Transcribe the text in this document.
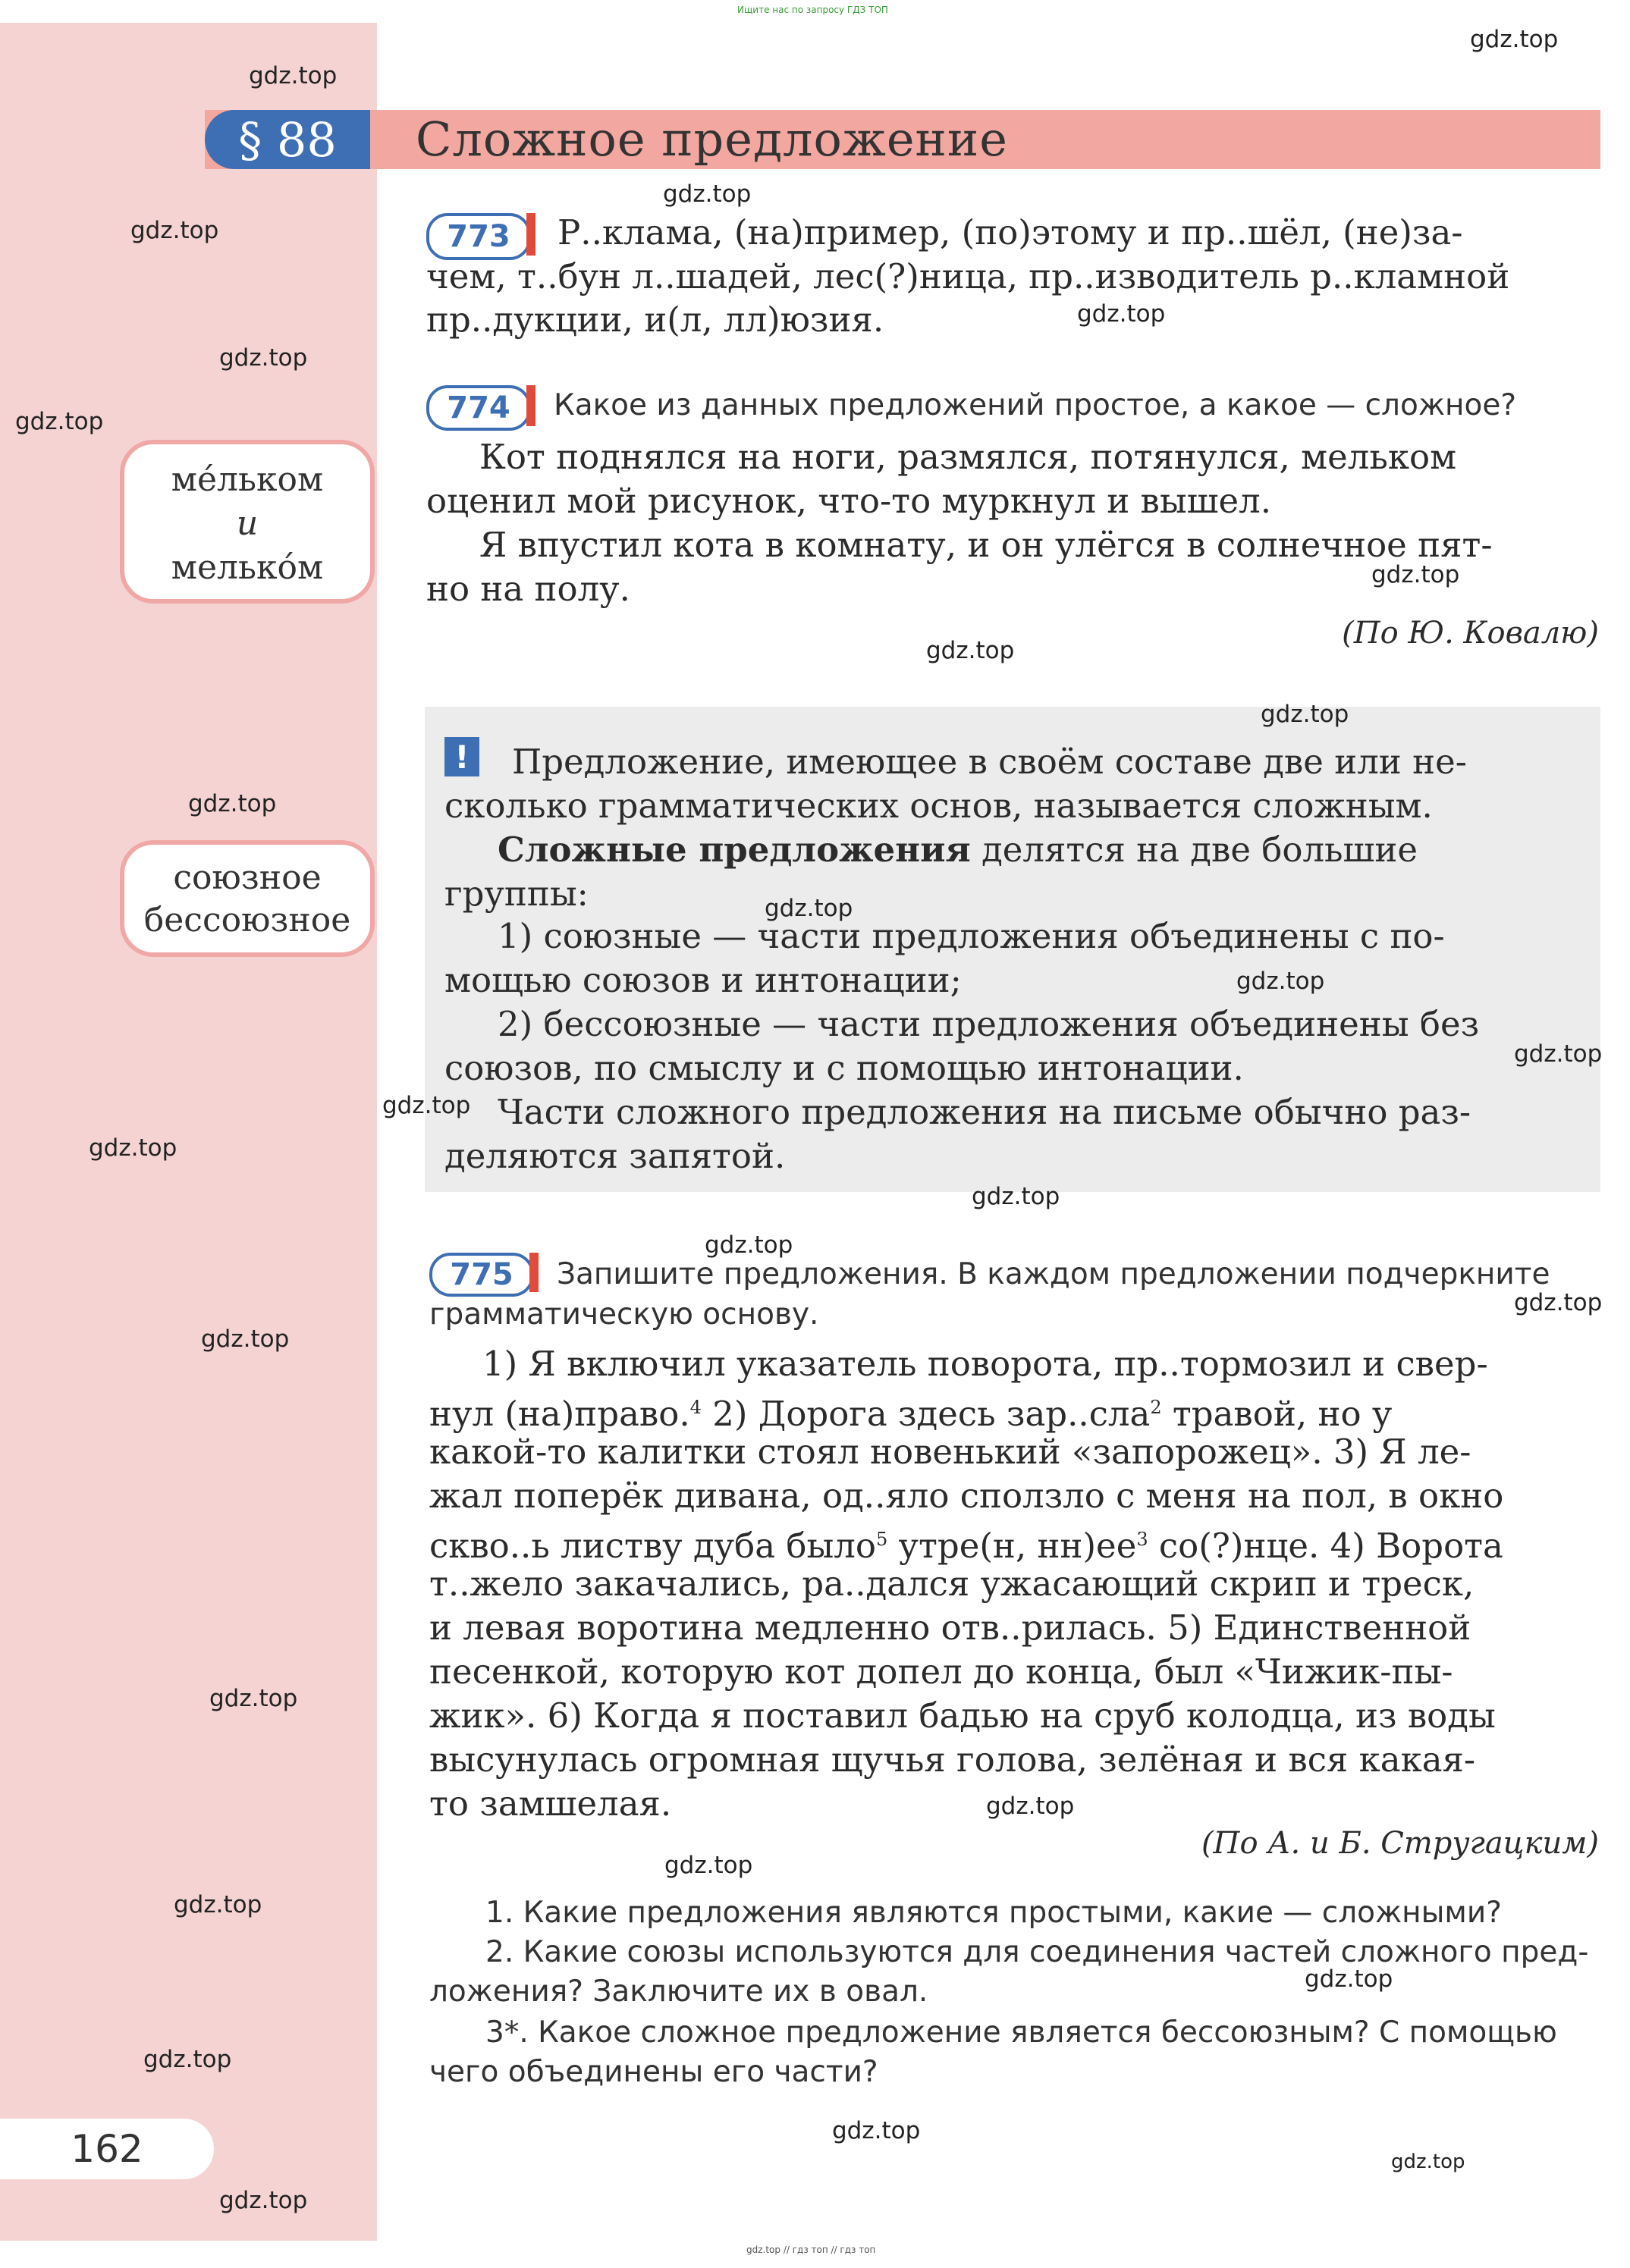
Ищите нас по запросу ГДЗ ТОП
§ 88	Сложное предложение
ме́льком
и
мелько́м
союзное
бессоюзное
773	Р..клама, (на)пример, (по)этому и пр..шёл, (не)за-
чем, т..бун л..шадей, лес(?)ница, пр..изводитель р..кламной
пр..дукции, и(л, лл)юзия.
774	Какое из данных предложений простое, а какое — сложное?
Кот поднялся на ноги, размялся, потянулся, мельком
оценил мой рисунок, что-то муркнул и вышел.
Я впустил кота в комнату, и он улёгся в солнечное пят-
но на полу.
(По Ю. Ковалю)
! Предложение, имеющее в своём составе две или не-
сколько грамматических основ, называется сложным.
Сложные предложения делятся на две большие
группы:
1) союзные — части предложения объединены с по-
мощью союзов и интонации;
2) бессоюзные — части предложения объединены без
союзов, по смыслу и с помощью интонации.
Части сложного предложения на письме обычно раз-
деляются запятой.
775	Запишите предложения. В каждом предложении подчеркните
грамматическую основу.
1) Я включил указатель поворота, пр..тормозил и свер-
нул (на)право.$^4$ 2) Дорога здесь зар..сла$^2$ травой, но у
какой-то калитки стоял новенький «запорожец». 3) Я ле-
жал поперёк дивана, од..яло сползло с меня на пол, в окно
скво..ь листву дуба было$^5$ утре(н, $нн)ее^3$ со(?)нце. 4) Ворота
т..жело закачались, ра..дался ужасающий скрип и треск,
и левая воротина медленно отв..рилась. 5) Единственной
песенкой, которую кот допел до конца, был «Чижик-пы-
жик». 6) Когда я поставил бадью на сруб колодца, из воды
высунулась огромная щучья голова, зелёная и вся какая-
то замшелая.
(По А. и Б. Стругацким)
1. Какие предложения являются простыми, какие — сложными?
2. Какие союзы используются для соединения частей сложного пред-
ложения? Заключите их в овал.
3*. Какое сложное предложение является бессоюзным? С помощью
чего объединены его части?
162
gdz.top
gdz.top
gdz.top
gdz.top
gdz.top
gdz.top
gdz.top
gdz.top
gdz.top
gdz.top
gdz.top
gdz.top
gdz.top
gdz.top
gdz.top
gdz.top
gdz.top
gdz.top
gdz.top
gdz.top
gdz.top
gdz.top
gdz.top
gdz.top
gdz.top
gdz.top
gdz.top
gdz.top
gdz.top
gdz.top // гдз топ // гдз топ
